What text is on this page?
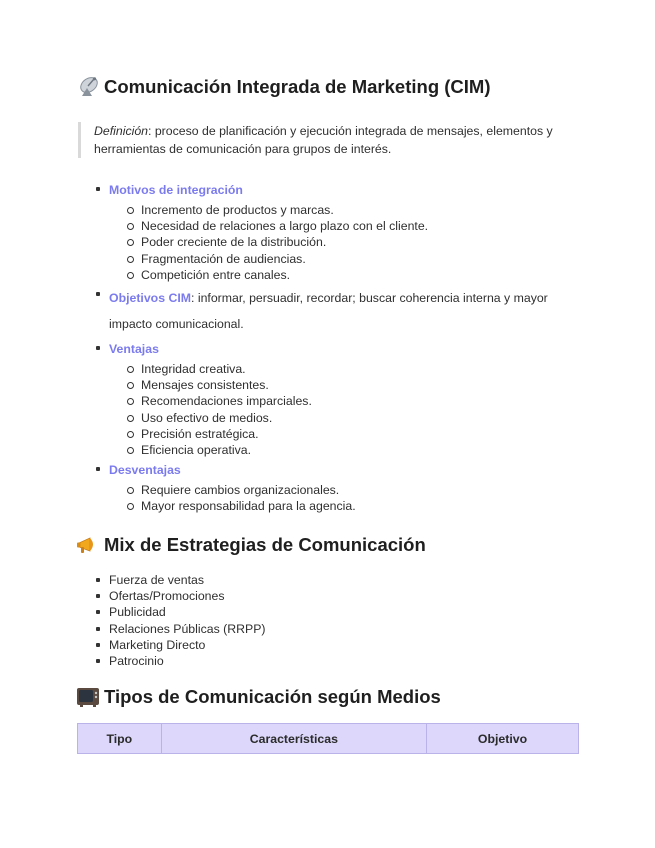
Comunicación Integrada de Marketing (CIM)
Definición: proceso de planificación y ejecución integrada de mensajes, elementos y herramientas de comunicación para grupos de interés.
Motivos de integración
Incremento de productos y marcas.
Necesidad de relaciones a largo plazo con el cliente.
Poder creciente de la distribución.
Fragmentación de audiencias.
Competición entre canales.
Objetivos CIM: informar, persuadir, recordar; buscar coherencia interna y mayor impacto comunicacional.
Ventajas
Integridad creativa.
Mensajes consistentes.
Recomendaciones imparciales.
Uso efectivo de medios.
Precisión estratégica.
Eficiencia operativa.
Desventajas
Requiere cambios organizacionales.
Mayor responsabilidad para la agencia.
Mix de Estrategias de Comunicación
Fuerza de ventas
Ofertas/Promociones
Publicidad
Relaciones Públicas (RRPP)
Marketing Directo
Patrocinio
Tipos de Comunicación según Medios
Tipo	Características	Objetivo
